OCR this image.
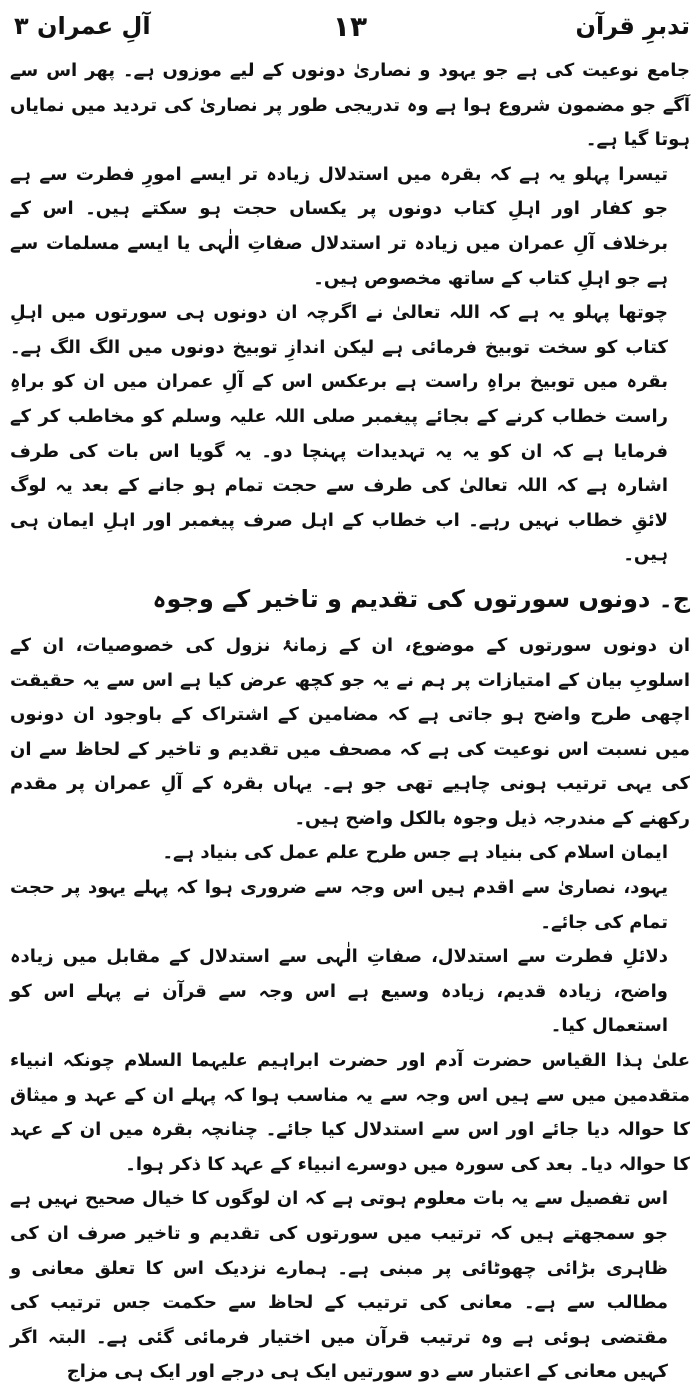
تدبرِ قرآن
۱۳
آلِ عمران ۳

جامع نوعیت کی ہے جو یہود و نصاریٰ دونوں کے لیے موزوں ہے۔ پھر اس سے آگے جو مضمون شروع ہوا ہے وہ تدریجی طور پر نصاریٰ کی تردید میں نمایاں ہوتا گیا ہے۔

تیسرا پہلو یہ ہے کہ بقرہ میں استدلال زیادہ تر ایسے امورِ فطرت سے ہے جو کفار اور اہلِ کتاب دونوں پر یکساں حجت ہو سکتے ہیں۔ اس کے برخلاف آلِ عمران میں زیادہ تر استدلال صفاتِ الٰہی یا ایسے مسلمات سے ہے جو اہلِ کتاب کے ساتھ مخصوص ہیں۔

چوتھا پہلو یہ ہے کہ اللہ تعالیٰ نے اگرچہ ان دونوں ہی سورتوں میں اہلِ کتاب کو سخت توبیخ فرمائی ہے لیکن اندازِ توبیخ دونوں میں الگ الگ ہے۔ بقرہ میں توبیخ براہِ راست ہے برعکس اس کے آلِ عمران میں ان کو براہِ راست خطاب کرنے کے بجائے پیغمبر صلی اللہ علیہ وسلم کو مخاطب کر کے فرمایا ہے کہ ان کو یہ یہ تہدیدات پہنچا دو۔ یہ گویا اس بات کی طرف اشارہ ہے کہ اللہ تعالیٰ کی طرف سے حجت تمام ہو جانے کے بعد یہ لوگ لائقِ خطاب نہیں رہے۔ اب خطاب کے اہل صرف پیغمبر اور اہلِ ایمان ہی ہیں۔

ج۔ دونوں سورتوں کی تقدیم و تاخیر کے وجوہ

ان دونوں سورتوں کے موضوع، ان کے زمانۂ نزول کی خصوصیات، ان کے اسلوبِ بیان کے امتیازات پر ہم نے یہ جو کچھ عرض کیا ہے اس سے یہ حقیقت اچھی طرح واضح ہو جاتی ہے کہ مضامین کے اشتراک کے باوجود ان دونوں میں نسبت اس نوعیت کی ہے کہ مصحف میں تقدیم و تاخیر کے لحاظ سے ان کی یہی ترتیب ہونی چاہیے تھی جو ہے۔ یہاں بقرہ کے آلِ عمران پر مقدم رکھنے کے مندرجہ ذیل وجوہ بالکل واضح ہیں۔

ایمان اسلام کی بنیاد ہے جس طرح علم عمل کی بنیاد ہے۔

یہود، نصاریٰ سے اقدم ہیں اس وجہ سے ضروری ہوا کہ پہلے یہود پر حجت تمام کی جائے۔

دلائلِ فطرت سے استدلال، صفاتِ الٰہی سے استدلال کے مقابل میں زیادہ واضح، زیادہ قدیم، زیادہ وسیع ہے اس وجہ سے قرآن نے پہلے اس کو استعمال کیا۔

علیٰ ہذا القیاس حضرت آدم اور حضرت ابراہیم علیہما السلام چونکہ انبیاء متقدمین میں سے ہیں اس وجہ سے یہ مناسب ہوا کہ پہلے ان کے عہد و میثاق کا حوالہ دیا جائے اور اس سے استدلال کیا جائے۔ چنانچہ بقرہ میں ان کے عہد کا حوالہ دیا۔ بعد کی سورہ میں دوسرے انبیاء کے عہد کا ذکر ہوا۔

اس تفصیل سے یہ بات معلوم ہوتی ہے کہ ان لوگوں کا خیال صحیح نہیں ہے جو سمجھتے ہیں کہ ترتیب میں سورتوں کی تقدیم و تاخیر صرف ان کی ظاہری بڑائی چھوٹائی پر مبنی ہے۔ ہمارے نزدیک اس کا تعلق معانی و مطالب سے ہے۔ معانی کی ترتیب کے لحاظ سے حکمت جس ترتیب کی مقتضی ہوئی ہے وہ ترتیب قرآن میں اختیار فرمائی گئی ہے۔ البتہ اگر کہیں معانی کے اعتبار سے دو سورتیں ایک ہی درجے اور ایک ہی مزاج
